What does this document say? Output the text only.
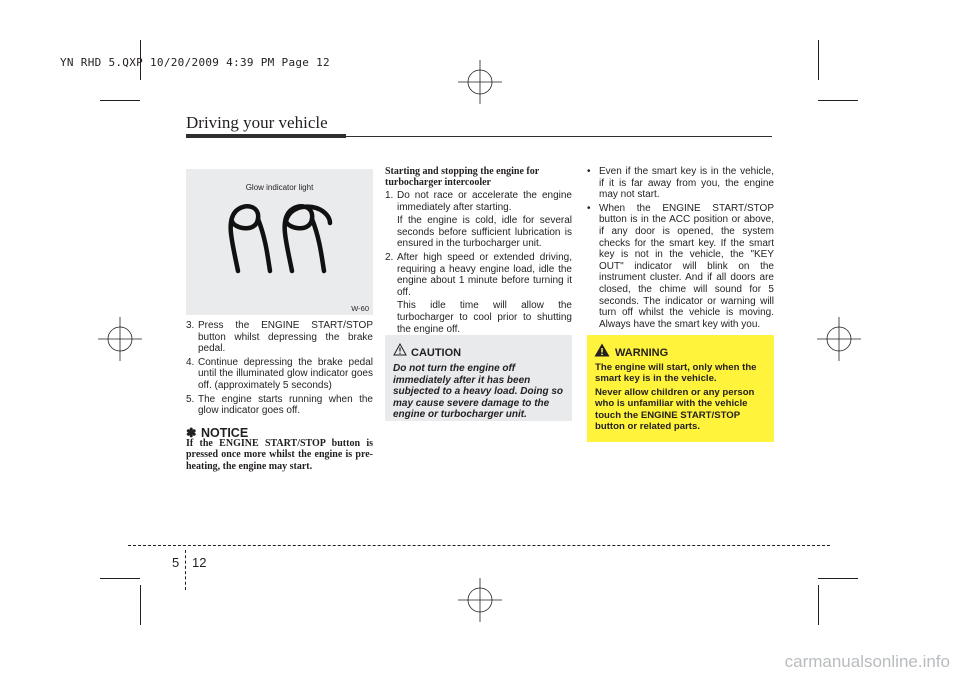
YN RHD 5.QXP 10/20/2009 4:39 PM Page 12
Driving your vehicle
Glow indicator light
W-60
3. Press the ENGINE START/STOP button whilst depressing the brake pedal.
4. Continue depressing the brake pedal until the illuminated glow indicator goes off. (approximately 5 seconds)
5. The engine starts running when the glow indicator goes off.
✽ NOTICE
If the ENGINE START/STOP button is pressed once more whilst the engine is pre-heating, the engine may start.
Starting and stopping the engine for turbocharger intercooler
1. Do not race or accelerate the engine immediately after starting.
If the engine is cold, idle for several seconds before sufficient lubrication is ensured in the turbocharger unit.
2. After high speed or extended driving, requiring a heavy engine load, idle the engine about 1 minute before turning it off.
This idle time will allow the turbocharger to cool prior to shutting the engine off.
CAUTION
Do not turn the engine off immediately after it has been subjected to a heavy load. Doing so may cause severe damage to the engine or turbocharger unit.
• Even if the smart key is in the vehicle, if it is far away from you, the engine may not start.
• When the ENGINE START/STOP button is in the ACC position or above, if any door is opened, the system checks for the smart key. If the smart key is not in the vehicle, the "KEY OUT" indicator will blink on the instrument cluster. And if all doors are closed, the chime will sound for 5 seconds. The indicator or warning will turn off whilst the vehicle is moving. Always have the smart key with you.
WARNING
The engine will start, only when the smart key is in the vehicle.
Never allow children or any person who is unfamiliar with the vehicle touch the ENGINE START/STOP button or related parts.
5 12
carmanualsonline.info
